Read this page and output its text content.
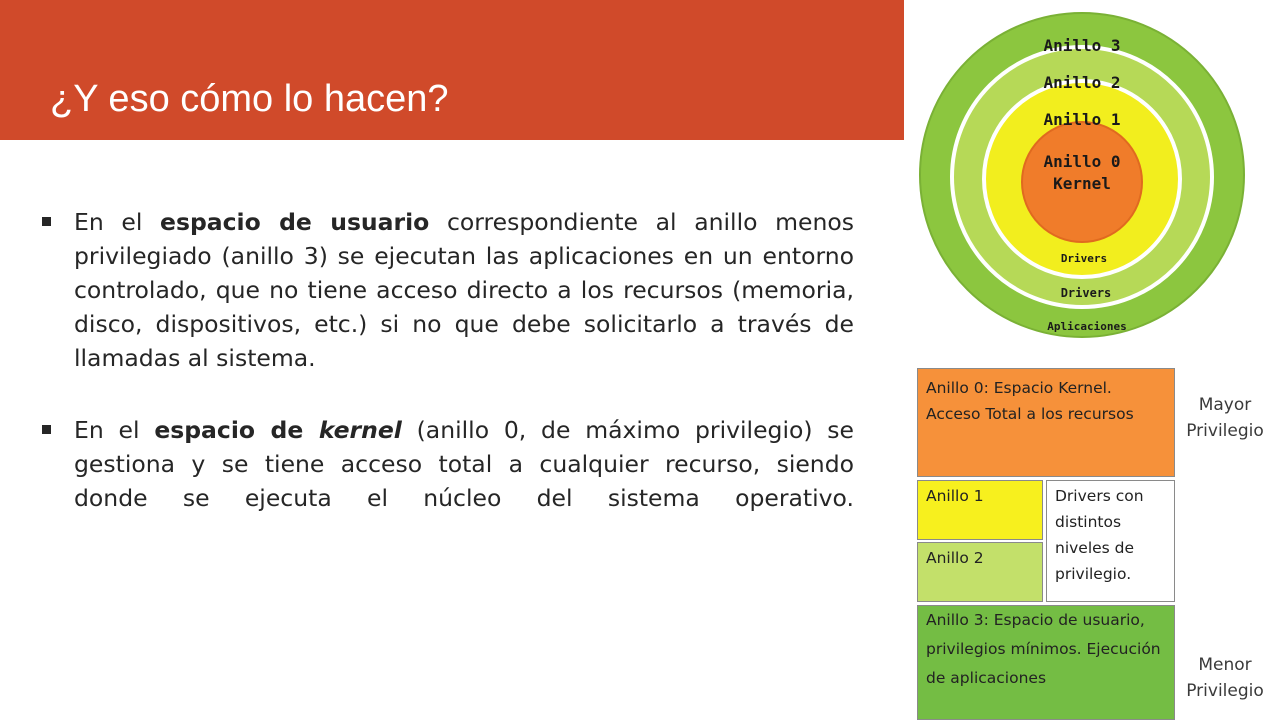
¿Y eso cómo lo hacen?

En el espacio de usuario correspondiente al anillo menos privilegiado (anillo 3) se ejecutan las aplicaciones en un entorno controlado, que no tiene acceso directo a los recursos (memoria, disco, dispositivos, etc.) si no que debe solicitarlo a través de llamadas al sistema.

En el espacio de kernel (anillo 0, de máximo privilegio) se gestiona y se tiene acceso total a cualquier recurso, siendo donde se ejecuta el núcleo del sistema operativo.

Anillo 3
Anillo 2
Anillo 1
Anillo 0
Kernel
Drivers
Drivers
Aplicaciones
Anillo 0: Espacio Kernel.
Acceso Total a los recursos
Anillo 1
Anillo 2
Drivers con
distintos
niveles de
privilegio.
Anillo 3: Espacio de usuario,
privilegios mínimos. Ejecución
de aplicaciones
Mayor
Privilegio
Menor
Privilegio
